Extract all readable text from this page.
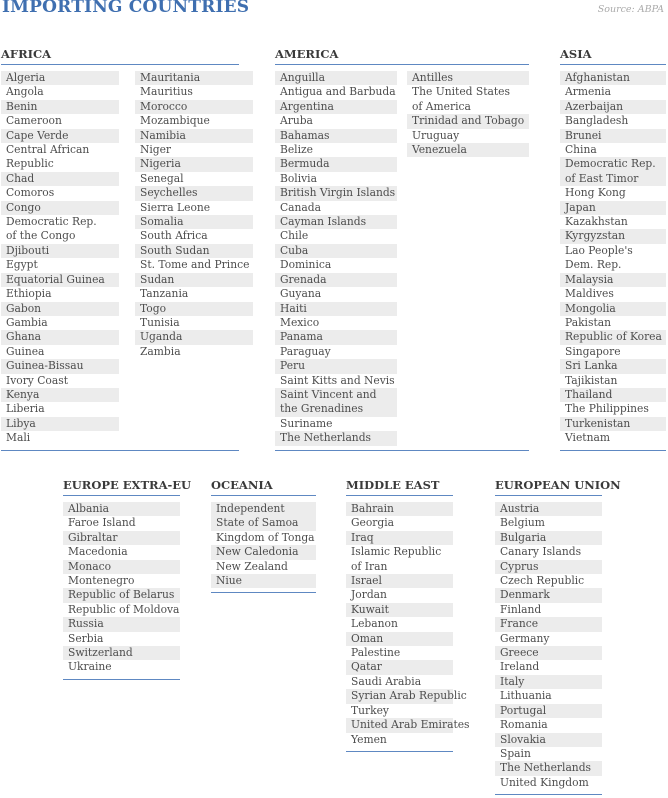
IMPORTING COUNTRIES	Source: ABPA
AFRICA
Algeria
Angola
Benin
Cameroon
Cape Verde
Central African
Republic
Chad
Comoros
Congo
Democratic Rep.
of the Congo
Djibouti
Egypt
Equatorial Guinea
Ethiopia
Gabon
Gambia
Ghana
Guinea
Guinea-Bissau
Ivory Coast
Kenya
Liberia
Libya
Mali
Mauritania
Mauritius
Morocco
Mozambique
Namibia
Niger
Nigeria
Senegal
Seychelles
Sierra Leone
Somalia
South Africa
South Sudan
St. Tome and Prince
Sudan
Tanzania
Togo
Tunisia
Uganda
Zambia
AMERICA
Anguilla
Antigua and Barbuda
Argentina
Aruba
Bahamas
Belize
Bermuda
Bolivia
British Virgin Islands
Canada
Cayman Islands
Chile
Cuba
Dominica
Grenada
Guyana
Haiti
Mexico
Panama
Paraguay
Peru
Saint Kitts and Nevis
Saint Vincent and
the Grenadines
Suriname
The Netherlands
Antilles
The United States
of America
Trinidad and Tobago
Uruguay
Venezuela
ASIA
Afghanistan
Armenia
Azerbaijan
Bangladesh
Brunei
China
Democratic Rep.
of East Timor
Hong Kong
Japan
Kazakhstan
Kyrgyzstan
Lao People's
Dem. Rep.
Malaysia
Maldives
Mongolia
Pakistan
Republic of Korea
Singapore
Sri Lanka
Tajikistan
Thailand
The Philippines
Turkenistan
Vietnam
EUROPE EXTRA-EU
Albania
Faroe Island
Gibraltar
Macedonia
Monaco
Montenegro
Republic of Belarus
Republic of Moldova
Russia
Serbia
Switzerland
Ukraine
OCEANIA
Independent
State of Samoa
Kingdom of Tonga
New Caledonia
New Zealand
Niue
MIDDLE EAST
Bahrain
Georgia
Iraq
Islamic Republic
of Iran
Israel
Jordan
Kuwait
Lebanon
Oman
Palestine
Qatar
Saudi Arabia
Syrian Arab Republic
Turkey
United Arab Emirates
Yemen
EUROPEAN UNION
Austria
Belgium
Bulgaria
Canary Islands
Cyprus
Czech Republic
Denmark
Finland
France
Germany
Greece
Ireland
Italy
Lithuania
Portugal
Romania
Slovakia
Spain
The Netherlands
United Kingdom
